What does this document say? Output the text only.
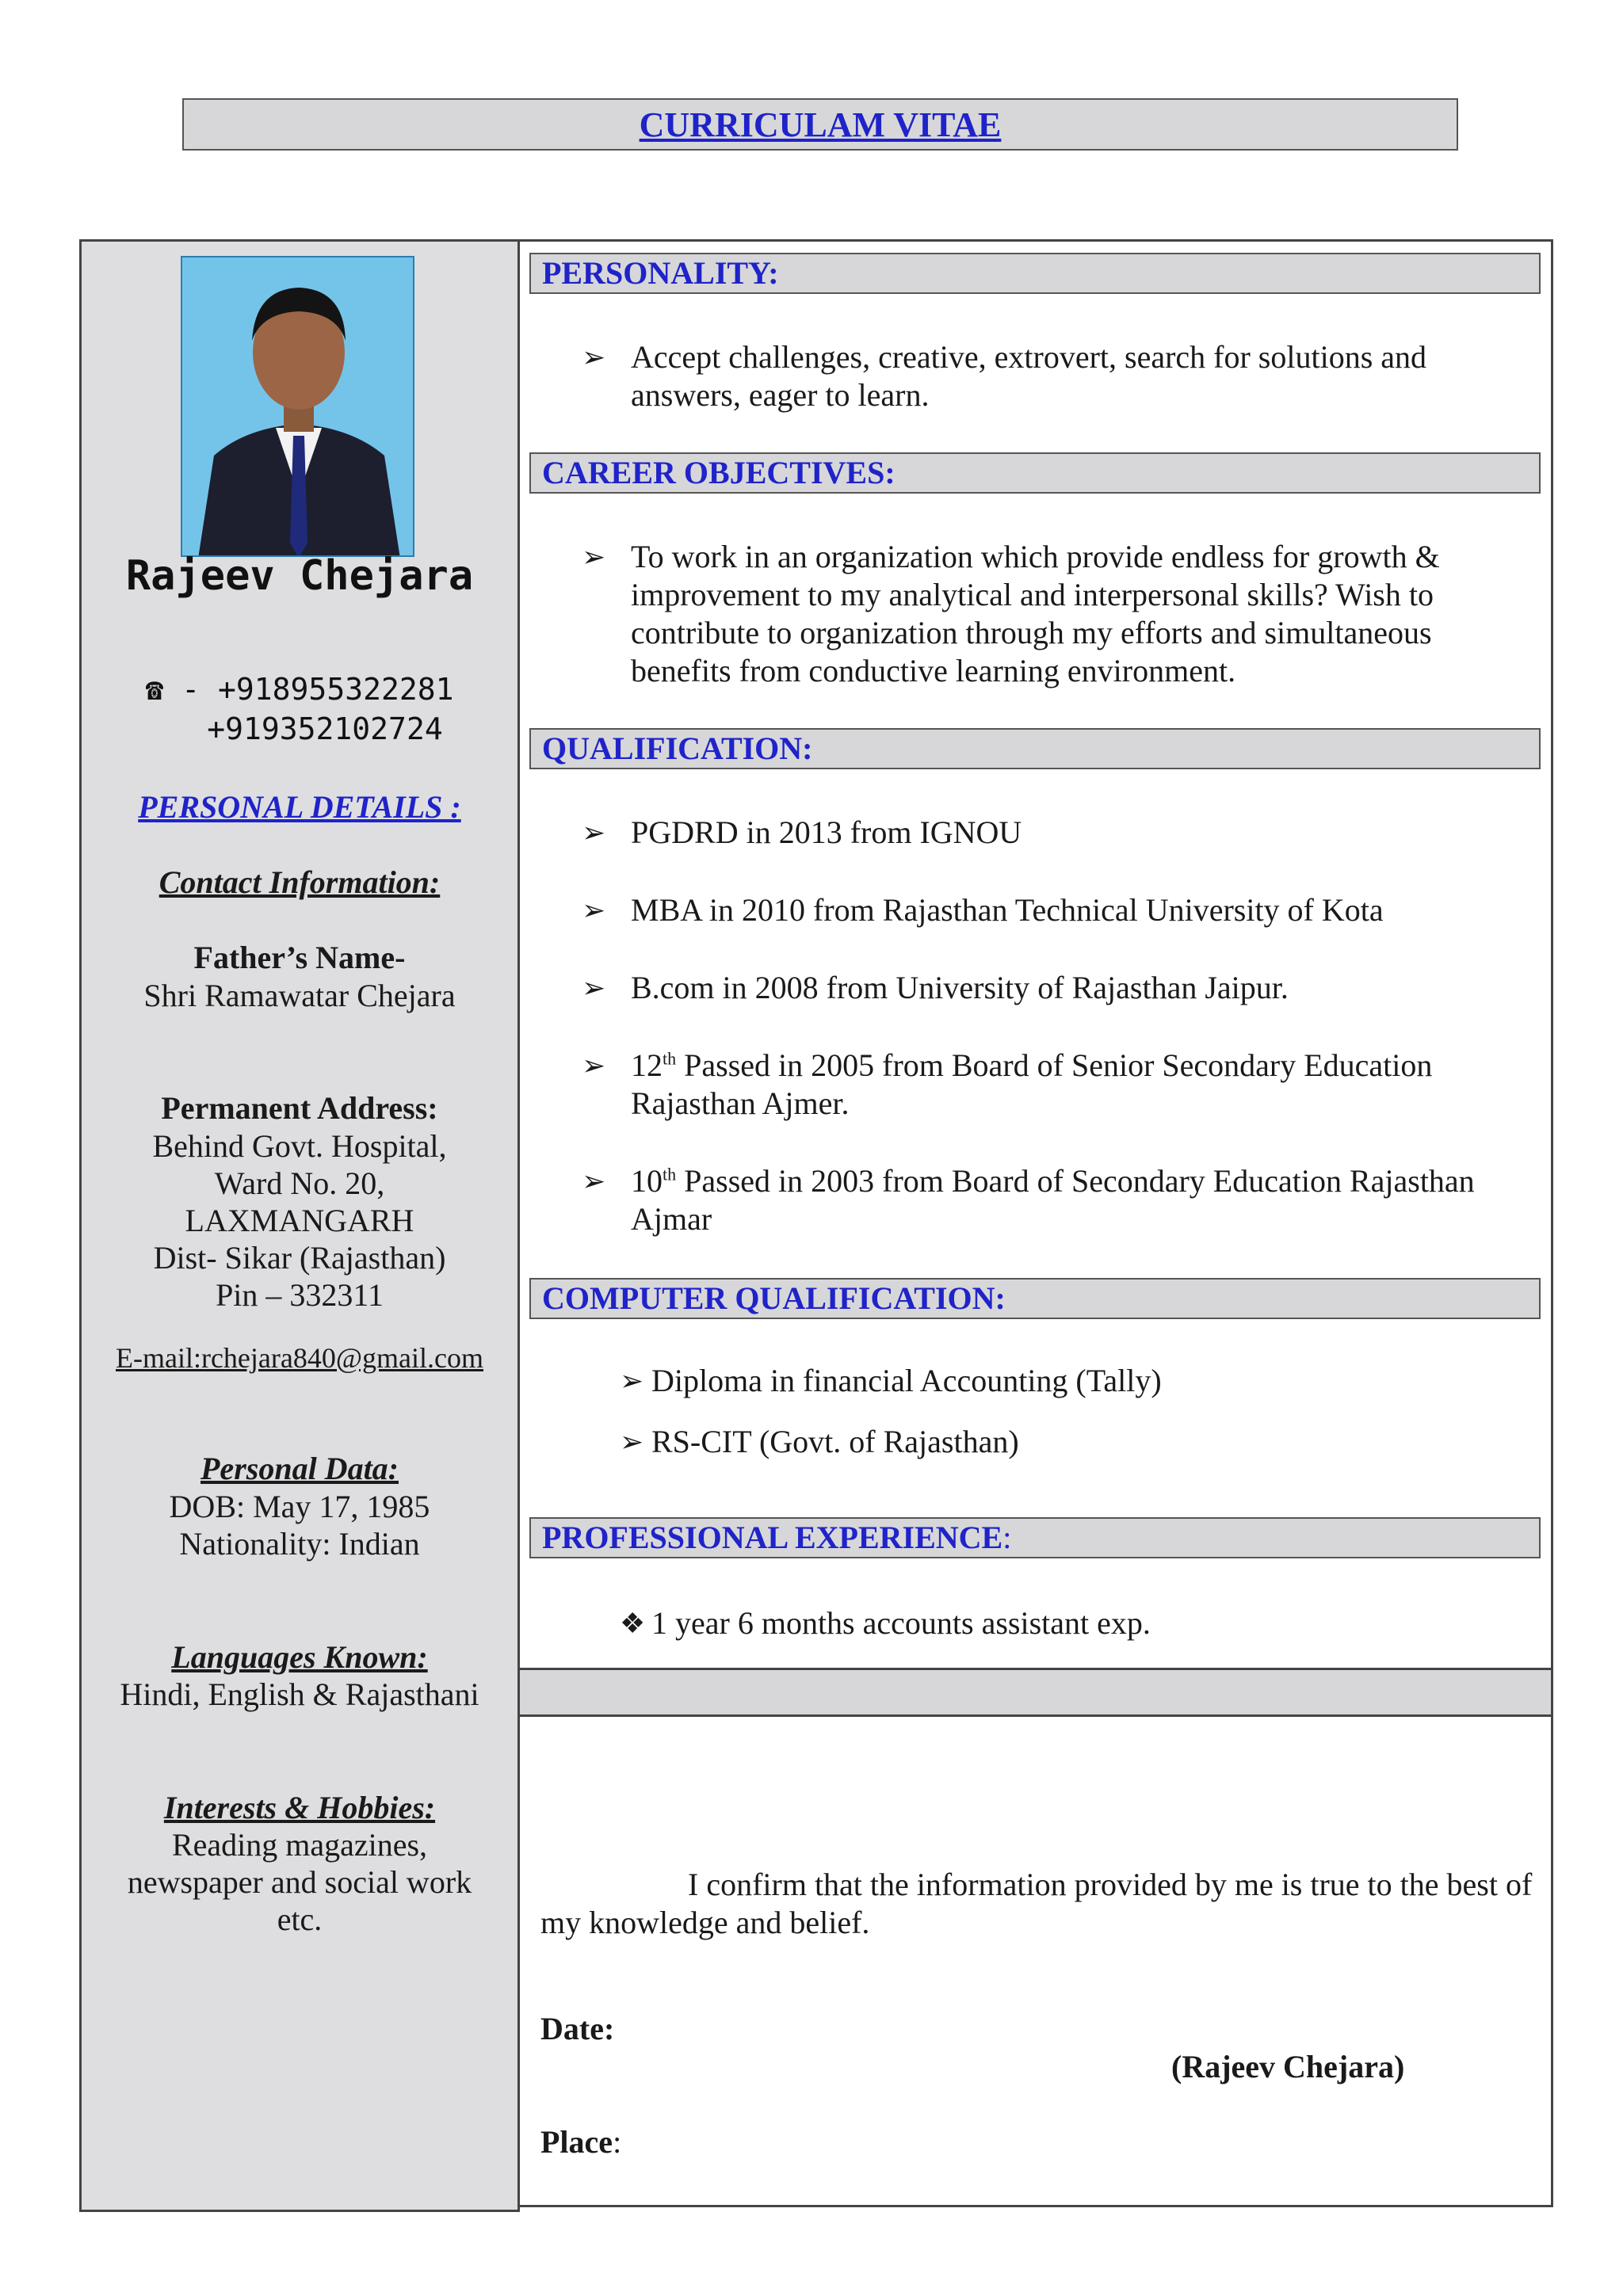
CURRICULAM VITAE
Rajeev Chejara
☎ - +918955322281
+919352102724
PERSONAL DETAILS :
Contact Information:
Father’s Name-
Shri Ramawatar Chejara
Permanent Address:
Behind Govt. Hospital,
Ward No. 20,
LAXMANGARH
Dist- Sikar (Rajasthan)
Pin – 332311
E-mail:rchejara840@gmail.com
Personal Data:
DOB: May 17, 1985
Nationality: Indian
Languages Known:
Hindi, English & Rajasthani
Interests & Hobbies:
Reading magazines,
newspaper and social work
etc.
PERSONALITY:
➢ Accept challenges, creative, extrovert, search for solutions and answers, eager to learn.
CAREER OBJECTIVES:
➢ To work in an organization which provide endless for growth & improvement to my analytical and interpersonal skills? Wish to contribute to organization through my efforts and simultaneous benefits from conductive learning environment.
QUALIFICATION:
➢ PGDRD in 2013 from IGNOU
➢ MBA in 2010 from Rajasthan Technical University of Kota
➢ B.com in 2008 from University of Rajasthan Jaipur.
➢ 12th Passed in 2005 from Board of Senior Secondary Education Rajasthan Ajmer.
➢ 10th Passed in 2003 from Board of Secondary Education Rajasthan Ajmar
COMPUTER QUALIFICATION:
➢ Diploma in financial Accounting (Tally)
➢ RS-CIT (Govt. of Rajasthan)
PROFESSIONAL EXPERIENCE:
❖ 1 year 6 months accounts assistant exp.
I confirm that the information provided by me is true to the best of my knowledge and belief.
Date:
(Rajeev Chejara)
Place:
